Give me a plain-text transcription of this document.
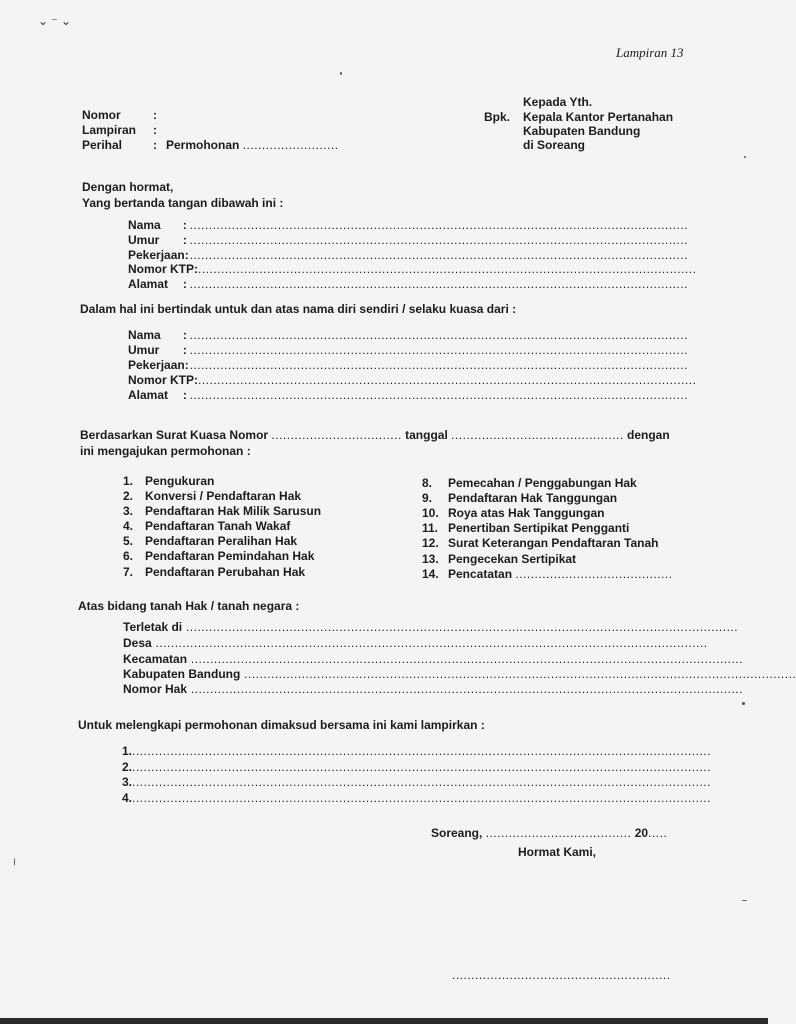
Lampiran 13
Kepada Yth.
Bpk. Kepala Kantor Pertanahan
Kabupaten Bandung
di Soreang
Nomor	:
Lampiran :
Perihal	: Permohonan .........................
Dengan hormat,
Yang bertanda tangan dibawah ini :
Nama	: ..................................................................................................................................
Umur	: ..................................................................................................................................
Pekerjaan : ..................................................................................................................................
Nomor KTP : ..................................................................................................................................
Alamat	: ..................................................................................................................................
Dalam hal ini bertindak untuk dan atas nama diri sendiri / selaku kuasa dari :
Nama	: ..................................................................................................................................
Umur	: ..................................................................................................................................
Pekerjaan : ..................................................................................................................................
Nomor KTP : ..................................................................................................................................
Alamat	: ..................................................................................................................................
Berdasarkan Surat Kuasa Nomor .................................. tanggal ............................................. dengan
ini mengajukan permohonan :
1. Pengukuran
2. Konversi / Pendaftaran Hak
3. Pendaftaran Hak Milik Sarusun
4. Pendaftaran Tanah Wakaf
5. Pendaftaran Peralihan Hak
6. Pendaftaran Pemindahan Hak
7. Pendaftaran Perubahan Hak
8. Pemecahan / Penggabungan Hak
9. Pendaftaran Hak Tanggungan
10. Roya atas Hak Tanggungan
11. Penertiban Sertipikat Pengganti
12. Surat Keterangan Pendaftaran Tanah
13. Pengecekan Sertipikat
14. Pencatatan .........................................
Atas bidang tanah Hak / tanah negara :
Terletak di ................................................................................................................................................
Desa ................................................................................................................................................
Kecamatan ................................................................................................................................................
Kabupaten Bandung ................................................................................................................................................
Nomor Hak ................................................................................................................................................
Untuk melengkapi permohonan dimaksud bersama ini kami lampirkan :
1. .......................................................................................................................................................
2. .......................................................................................................................................................
3. .......................................................................................................................................................
4. .......................................................................................................................................................
Soreang, ...................................... 20.....
Hormat Kami,
.........................................................
⌄ ⁻ ⌄
